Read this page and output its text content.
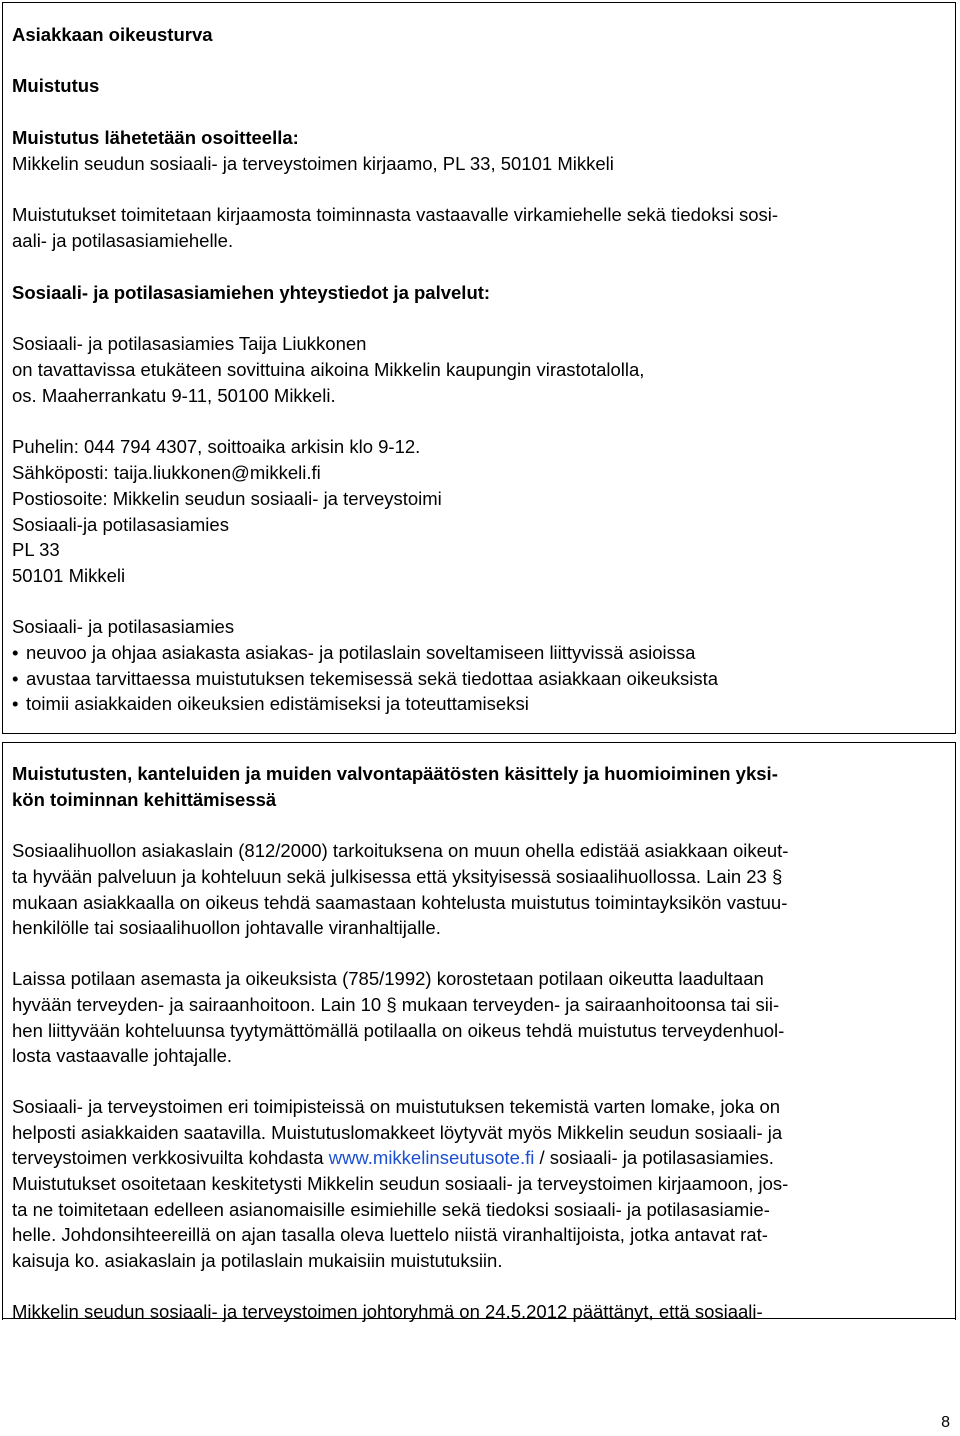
Asiakkaan oikeusturva

Muistutus

Muistutus lähetetään osoitteella:

Mikkelin seudun sosiaali- ja terveystoimen kirjaamo, PL 33, 50101 Mikkeli

Muistutukset toimitetaan kirjaamosta toiminnasta vastaavalle virkamiehelle sekä tiedoksi sosi-

aali- ja potilasasiamiehelle.

Sosiaali- ja potilasasiamiehen yhteystiedot ja palvelut:

Sosiaali- ja potilasasiamies Taija Liukkonen

on tavattavissa etukäteen sovittuina aikoina Mikkelin kaupungin virastotalolla,

os. Maaherrankatu 9-11, 50100 Mikkeli.

Puhelin: 044 794 4307, soittoaika arkisin klo 9-12.

Sähköposti: taija.liukkonen@mikkeli.fi

Postiosoite: Mikkelin seudun sosiaali- ja terveystoimi

Sosiaali-ja potilasasiamies

PL 33

50101 Mikkeli

Sosiaali- ja potilasasiamies

• neuvoo ja ohjaa asiakasta asiakas- ja potilaslain soveltamiseen liittyvissä asioissa

• avustaa tarvittaessa muistutuksen tekemisessä sekä tiedottaa asiakkaan oikeuksista

• toimii asiakkaiden oikeuksien edistämiseksi ja toteuttamiseksi

Muistutusten, kanteluiden ja muiden valvontapäätösten käsittely ja huomioiminen yksi-

kön toiminnan kehittämisessä

Sosiaalihuollon asiakaslain (812/2000) tarkoituksena on muun ohella edistää asiakkaan oikeut-

ta hyvään palveluun ja kohteluun sekä julkisessa että yksityisessä sosiaalihuollossa. Lain 23 §

mukaan asiakkaalla on oikeus tehdä saamastaan kohtelusta muistutus toimintayksikön vastuu-

henkilölle tai sosiaalihuollon johtavalle viranhaltijalle.

Laissa potilaan asemasta ja oikeuksista (785/1992) korostetaan potilaan oikeutta laadultaan

hyvään terveyden- ja sairaanhoitoon. Lain 10 § mukaan terveyden- ja sairaanhoitoonsa tai sii-

hen liittyvään kohteluunsa tyytymättömällä potilaalla on oikeus tehdä muistutus terveydenhuol-

losta vastaavalle johtajalle.

Sosiaali- ja terveystoimen eri toimipisteissä on muistutuksen tekemistä varten lomake, joka on

helposti asiakkaiden saatavilla. Muistutuslomakkeet löytyvät myös Mikkelin seudun sosiaali- ja

terveystoimen verkkosivuilta kohdasta www.mikkelinseutusote.fi / sosiaali- ja potilasasiamies.

Muistutukset osoitetaan keskitetysti Mikkelin seudun sosiaali- ja terveystoimen kirjaamoon, jos-

ta ne toimitetaan edelleen asianomaisille esimiehille sekä tiedoksi sosiaali- ja potilasasiamie-

helle. Johdonsihteereillä on ajan tasalla oleva luettelo niistä viranhaltijoista, jotka antavat rat-

kaisuja ko. asiakaslain ja potilaslain mukaisiin muistutuksiin.

Mikkelin seudun sosiaali- ja terveystoimen johtoryhmä on 24.5.2012 päättänyt, että sosiaali-

8
